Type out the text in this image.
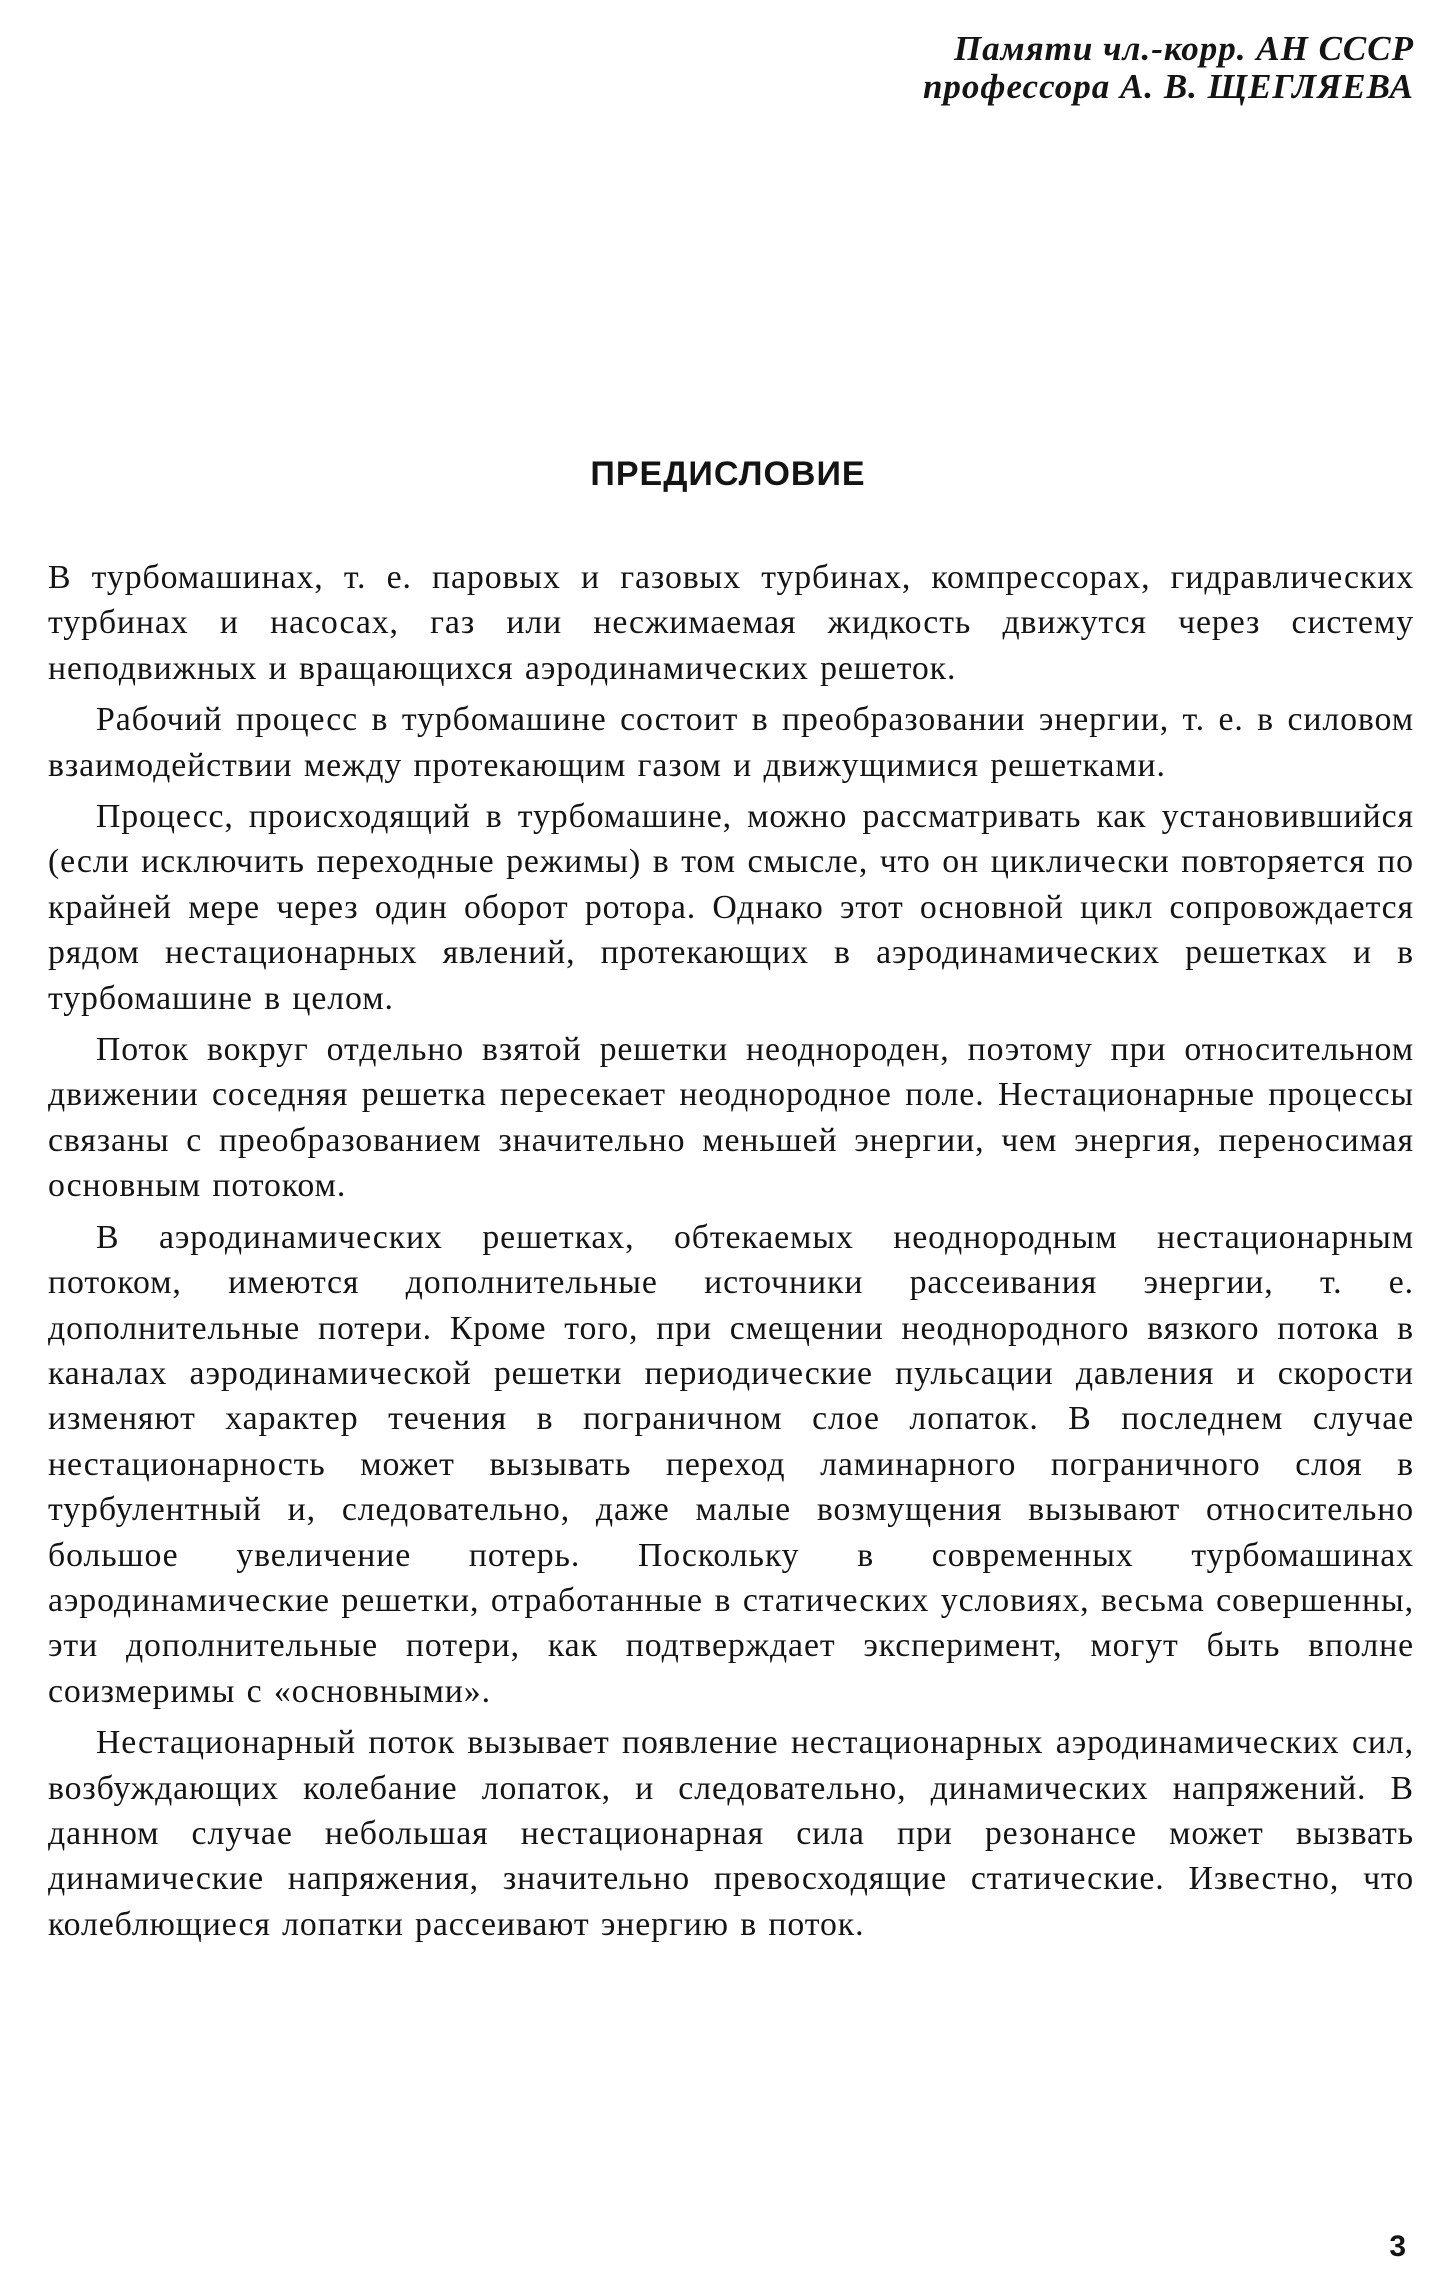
Памяти чл.-корр. АН СССР
профессора А. В. ЩЕГЛЯЕВА
ПРЕДИСЛОВИЕ

В турбомашинах, т. е. паровых и газовых турбинах, компрессорах, гидравлических турбинах и насосах, газ или несжимаемая жидкость движутся через систему неподвижных и вращающихся аэродинамических решеток.

Рабочий процесс в турбомашине состоит в преобразовании энергии, т. е. в силовом взаимодействии между протекающим газом и движущимися решетками.

Процесс, происходящий в турбомашине, можно рассматривать как установившийся (если исключить переходные режимы) в том смысле, что он циклически повторяется по крайней мере через один оборот ротора. Однако этот основной цикл сопровождается рядом нестационарных явлений, протекающих в аэродинамических решетках и в турбомашине в целом.

Поток вокруг отдельно взятой решетки неоднороден, поэтому при относительном движении соседняя решетка пересекает неоднородное поле. Нестационарные процессы связаны с преобразованием значительно меньшей энергии, чем энергия, переносимая основным потоком.

В аэродинамических решетках, обтекаемых неоднородным нестационарным потоком, имеются дополнительные источники рассеивания энергии, т. е. дополнительные потери. Кроме того, при смещении неоднородного вязкого потока в каналах аэродинамической решетки периодические пульсации давления и скорости изменяют характер течения в пограничном слое лопаток. В последнем случае нестационарность может вызывать переход ламинарного пограничного слоя в турбулентный и, следовательно, даже малые возмущения вызывают относительно большое увеличение потерь. Поскольку в современных турбомашинах аэродинамические решетки, отработанные в статических условиях, весьма совершенны, эти дополнительные потери, как подтверждает эксперимент, могут быть вполне соизмеримы с «основными».

Нестационарный поток вызывает появление нестационарных аэродинамических сил, возбуждающих колебание лопаток, и следовательно, динамических напряжений. В данном случае небольшая нестационарная сила при резонансе может вызвать динамические напряжения, значительно превосходящие статические. Известно, что колеблющиеся лопатки рассеивают энергию в поток.

3
